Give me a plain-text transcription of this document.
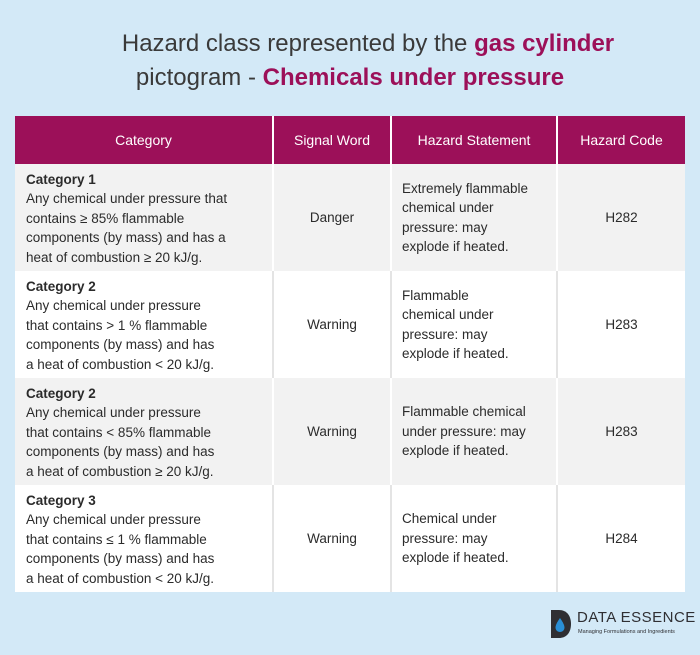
Hazard class represented by the gas cylinder
pictogram - Chemicals under pressure
Category	Signal Word	Hazard Statement	Hazard Code

Category 1
Any chemical under pressure that
contains ≥ 85% flammable
components (by mass) and has a
heat of combustion ≥ 20 kJ/g.	Danger	Extremely flammable
chemical under
pressure: may
explode if heated.	H282

Category 2
Any chemical under pressure
that contains > 1 % flammable
components (by mass) and has
a heat of combustion < 20 kJ/g.	Warning	Flammable
chemical under
pressure: may
explode if heated.	H283

Category 2
Any chemical under pressure
that contains < 85% flammable
components (by mass) and has
a heat of combustion ≥ 20 kJ/g.	Warning	Flammable chemical
under pressure: may
explode if heated.	H283

Category 3
Any chemical under pressure
that contains ≤ 1 % flammable
components (by mass) and has
a heat of combustion < 20 kJ/g.	Warning	Chemical under
pressure: may
explode if heated.	H284
DATA ESSENCE
Managing Formulations and Ingredients
